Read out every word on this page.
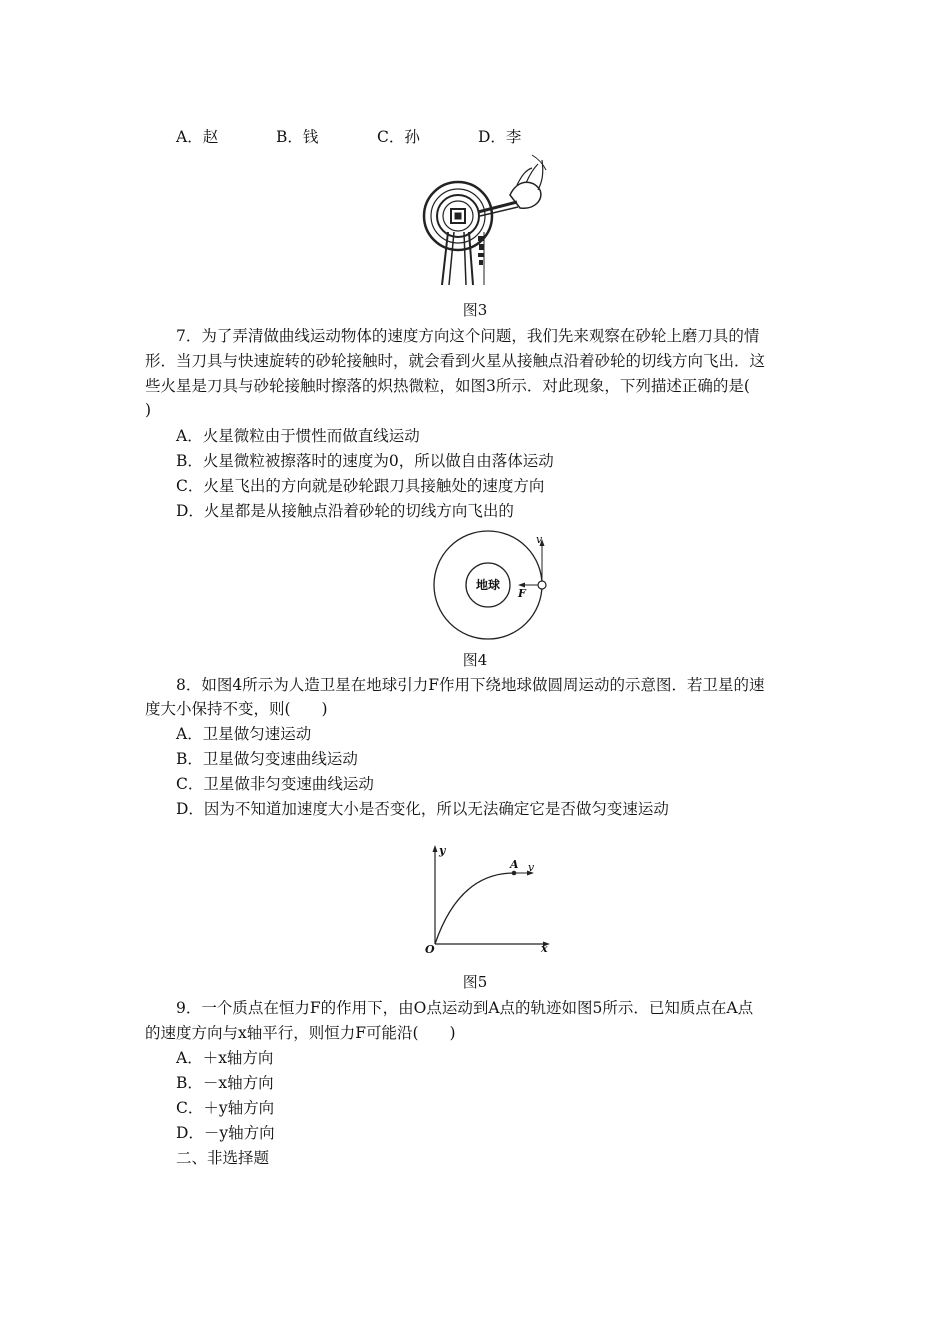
A．赵	B．钱	C．孙	D．李
图3
7．为了弄清做曲线运动物体的速度方向这个问题，我们先来观察在砂轮上磨刀具的情
形．当刀具与快速旋转的砂轮接触时，就会看到火星从接触点沿着砂轮的切线方向飞出．这
些火星是刀具与砂轮接触时擦落的炽热微粒，如图3所示．对此现象，下列描述正确的是(
)
A．火星微粒由于惯性而做直线运动
B．火星微粒被擦落时的速度为0，所以做自由落体运动
C．火星飞出的方向就是砂轮跟刀具接触处的速度方向
D．火星都是从接触点沿着砂轮的切线方向飞出的
地球
v
F
图4
8．如图4所示为人造卫星在地球引力F作用下绕地球做圆周运动的示意图．若卫星的速
度大小保持不变，则(　　)
A．卫星做匀速运动
B．卫星做匀变速曲线运动
C．卫星做非匀变速曲线运动
D．因为不知道加速度大小是否变化，所以无法确定它是否做匀变速运动
y
x
O
A v
图5
9．一个质点在恒力F的作用下，由O点运动到A点的轨迹如图5所示．已知质点在A点
的速度方向与x轴平行，则恒力F可能沿(　　)
A．＋x轴方向
B．－x轴方向
C．＋y轴方向
D．－y轴方向
二、非选择题
